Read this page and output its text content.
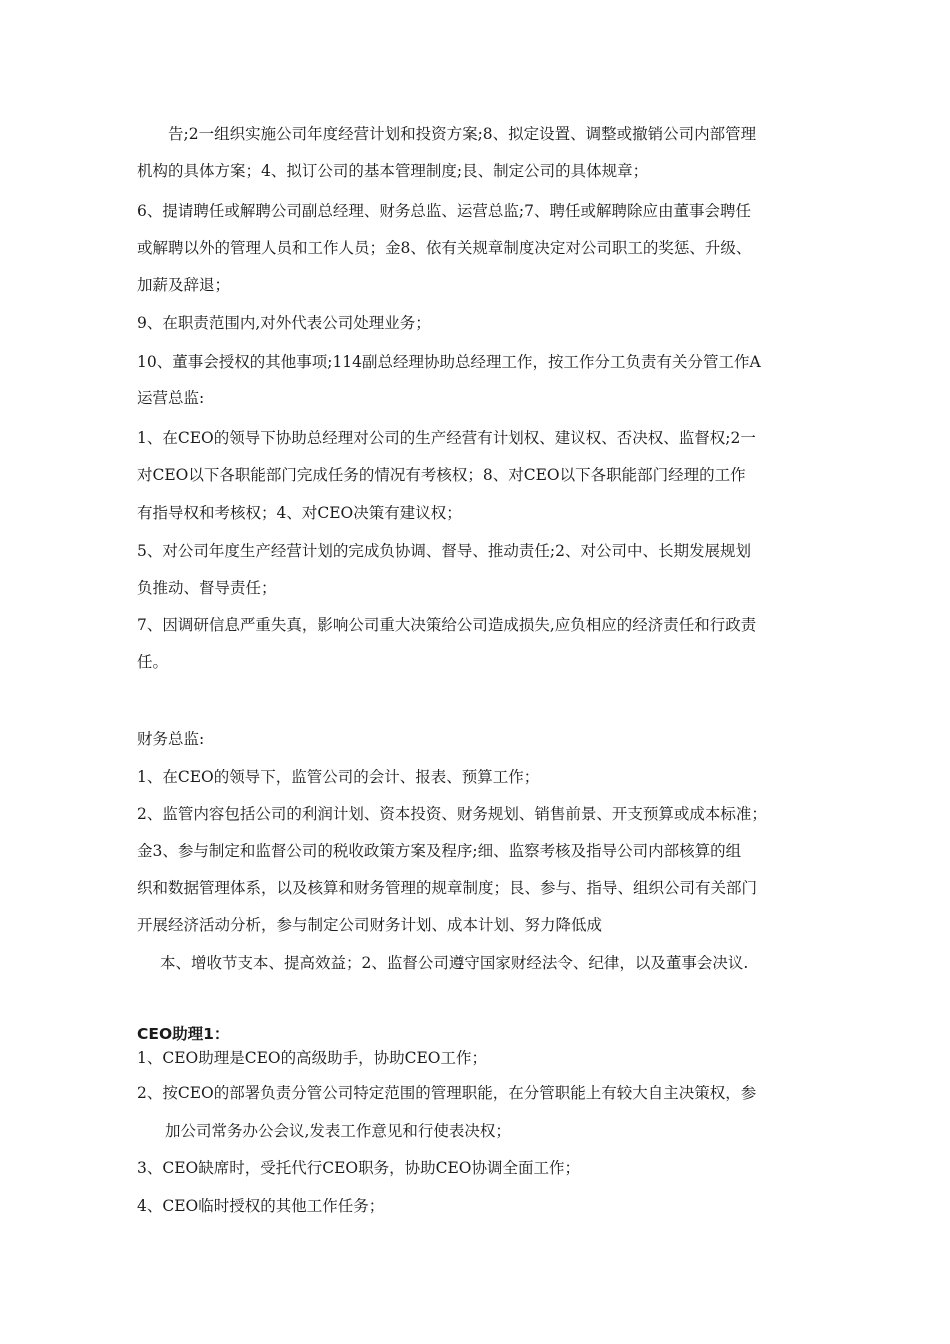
告;2一组织实施公司年度经营计划和投资方案;8、拟定设置、调整或撤销公司内部管理
机构的具体方案；4、拟订公司的基本管理制度;艮、制定公司的具体规章；
6、提请聘任或解聘公司副总经理、财务总监、运营总监;7、聘任或解聘除应由董事会聘任
或解聘以外的管理人员和工作人员；金8、依有关规章制度决定对公司职工的奖惩、升级、
加薪及辞退；
9、在职责范围内,对外代表公司处理业务；
10、董事会授权的其他事项;114副总经理协助总经理工作，按工作分工负责有关分管工作A
运营总监:
1、在CEO的领导下协助总经理对公司的生产经营有计划权、建议权、否决权、监督权;2一
对CEO以下各职能部门完成任务的情况有考核权；8、对CEO以下各职能部门经理的工作
有指导权和考核权；4、对CEO决策有建议权；
5、对公司年度生产经营计划的完成负协调、督导、推动责任;2、对公司中、长期发展规划
负推动、督导责任；
7、因调研信息严重失真，影响公司重大决策给公司造成损失,应负相应的经济责任和行政责
任。
财务总监:
1、在CEO的领导下，监管公司的会计、报表、预算工作；
2、监管内容包括公司的利润计划、资本投资、财务规划、销售前景、开支预算或成本标准；
金3、参与制定和监督公司的税收政策方案及程序;细、监察考核及指导公司内部核算的组
织和数据管理体系，以及核算和财务管理的规章制度；艮、参与、指导、组织公司有关部门
开展经济活动分析，参与制定公司财务计划、成本计划、努力降低成
本、增收节支本、提高效益；2、监督公司遵守国家财经法令、纪律，以及董事会决议.
CEO助理1：
1、CEO助理是CEO的高级助手，协助CEO工作；
2、按CEO的部署负责分管公司特定范围的管理职能，在分管职能上有较大自主决策权，参
加公司常务办公会议,发表工作意见和行使表决权；
3、CEO缺席时，受托代行CEO职务，协助CEO协调全面工作；
4、CEO临时授权的其他工作任务；
